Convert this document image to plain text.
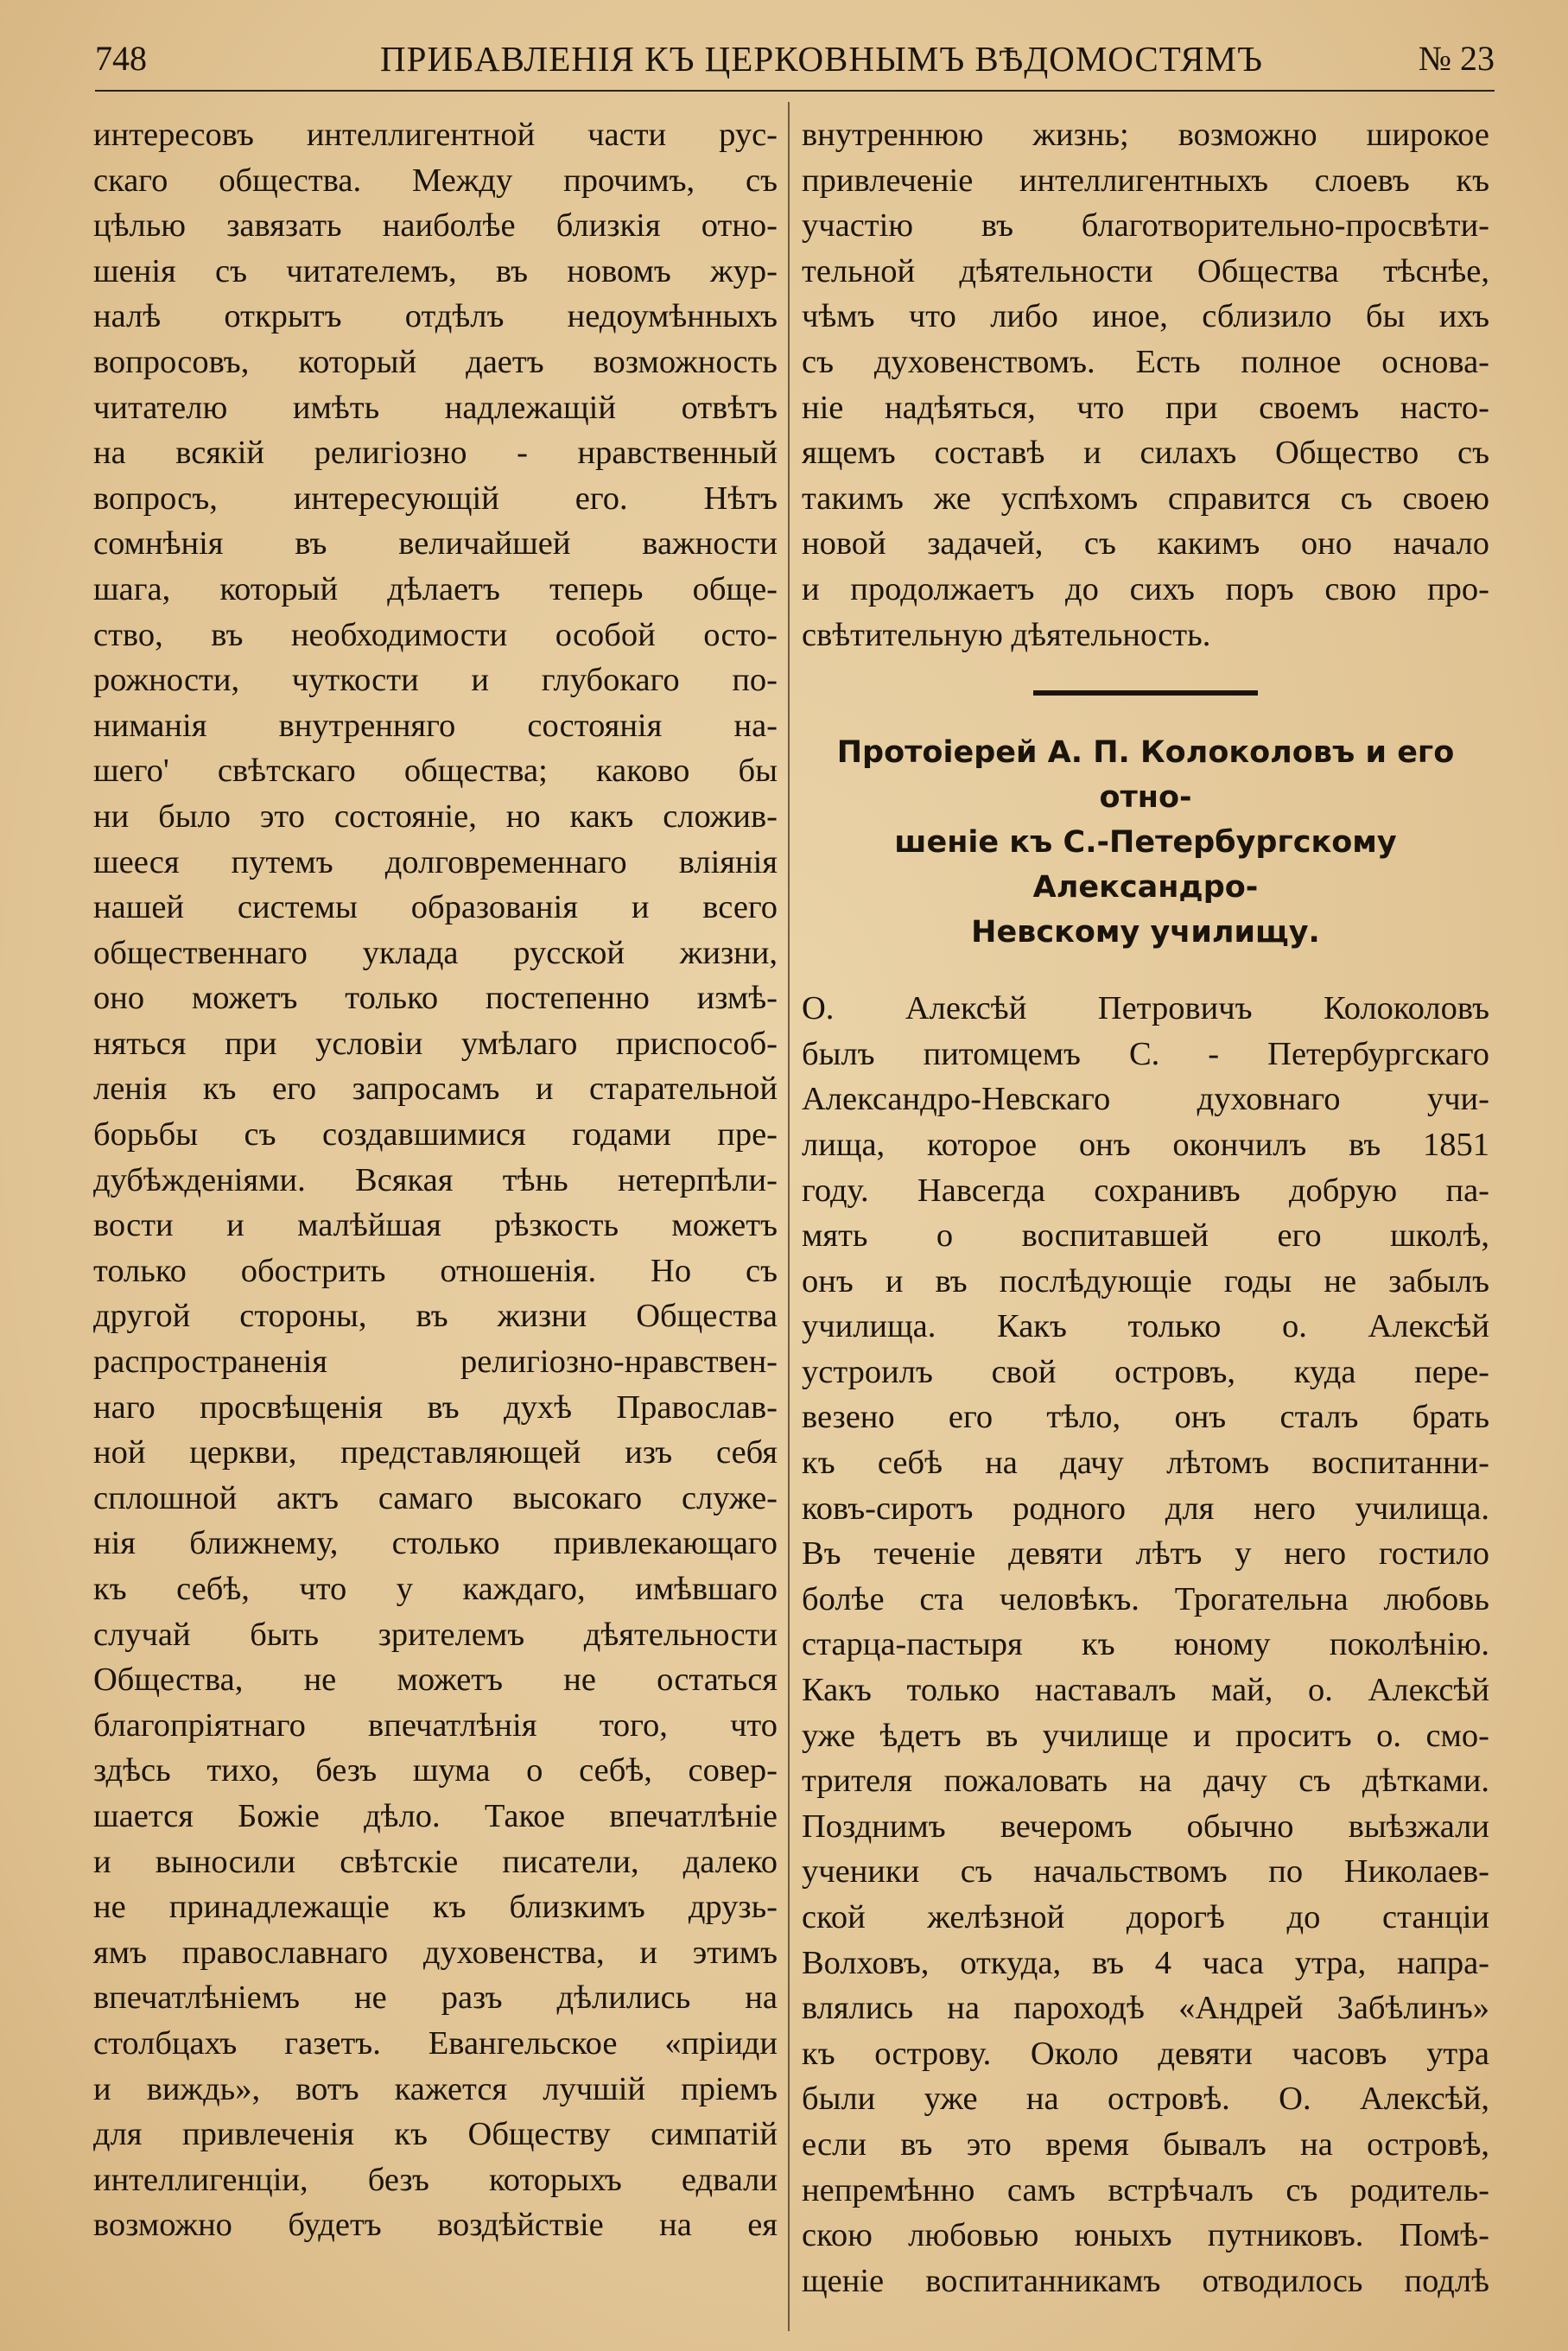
748	ПРИБАВЛЕНІЯ КЪ ЦЕРКОВНЫМЪ ВѢДОМОСТЯМЪ	№ 23
интересовъ интеллигентной части рус-
скаго общества. Между прочимъ, съ
цѣлью завязать наиболѣе близкія отно-
шенія съ читателемъ, въ новомъ жур-
налѣ открытъ отдѣлъ недоумѣнныхъ
вопросовъ, который даетъ возможность
читателю имѣть надлежащій отвѣтъ
на всякій религіозно - нравственный
вопросъ, интересующій его. Нѣтъ
сомнѣнія въ величайшей важности
шага, который дѣлаетъ теперь обще-
ство, въ необходимости особой осто-
рожности, чуткости и глубокаго по-
ниманія внутренняго состоянія на-
шего' свѣтскаго общества; каково бы
ни было это состояніе, но какъ сложив-
шееся путемъ долговременнаго вліянія
нашей системы образованія и всего
общественнаго уклада русской жизни,
оно можетъ только постепенно измѣ-
няться при условіи умѣлаго приспособ-
ленія къ его запросамъ и старательной
борьбы съ создавшимися годами пре-
дубѣжденіями. Всякая тѣнь нетерпѣли-
вости и малѣйшая рѣзкость можетъ
только обострить отношенія. Но съ
другой стороны, въ жизни Общества
распространенія религіозно-нравствен-
наго просвѣщенія въ духѣ Православ-
ной церкви, представляющей изъ себя
сплошной актъ самаго высокаго служе-
нія ближнему, столько привлекающаго
къ себѣ, что у каждаго, имѣвшаго
случай быть зрителемъ дѣятельности
Общества, не можетъ не остаться
благопріятнаго впечатлѣнія того, что
здѣсь тихо, безъ шума о себѣ, совер-
шается Божіе дѣло. Такое впечатлѣніе
и выносили свѣтскіе писатели, далеко
не принадлежащіе къ близкимъ друзь-
ямъ православнаго духовенства, и этимъ
впечатлѣніемъ не разъ дѣлились на
столбцахъ газетъ. Евангельское «пріиди
и виждь», вотъ кажется лучшій пріемъ
для привлеченія къ Обществу симпатій
интеллигенціи, безъ которыхъ едвали
возможно будетъ воздѣйствіе на ея
внутреннюю жизнь; возможно широкое
привлеченіе интеллигентныхъ слоевъ къ
участію въ благотворительно-просвѣти-
тельной дѣятельности Общества тѣснѣе,
чѣмъ что либо иное, сблизило бы ихъ
съ духовенствомъ. Есть полное основа-
ніе надѣяться, что при своемъ насто-
ящемъ составѣ и силахъ Общество съ
такимъ же успѣхомъ справится съ своею
новой задачей, съ какимъ оно начало
и продолжаетъ до сихъ поръ свою про-
свѣтительную дѣятельность.
Протоіерей А. П. Колоколовъ и его отно-
шеніе къ С.-Петербургскому Александро-
Невскому училищу.
О. Алексѣй Петровичъ Колоколовъ
былъ питомцемъ С. - Петербургскаго
Александро-Невскаго духовнаго учи-
лища, которое онъ окончилъ въ 1851
году. Навсегда сохранивъ добрую па-
мять о воспитавшей его школѣ,
онъ и въ послѣдующіе годы не забылъ
училища. Какъ только о. Алексѣй
устроилъ свой островъ, куда пере-
везено его тѣло, онъ сталъ брать
къ себѣ на дачу лѣтомъ воспитанни-
ковъ-сиротъ родного для него училища.
Въ теченіе девяти лѣтъ у него гостило
болѣе ста человѣкъ. Трогательна любовь
старца-пастыря къ юному поколѣнію.
Какъ только наставалъ май, о. Алексѣй
уже ѣдетъ въ училище и проситъ о. смо-
трителя пожаловать на дачу съ дѣтками.
Позднимъ вечеромъ обычно выѣзжали
ученики съ начальствомъ по Николаев-
ской желѣзной дорогѣ до станціи
Волховъ, откуда, въ 4 часа утра, напра-
влялись на пароходѣ «Андрей Забѣлинъ»
къ острову. Около девяти часовъ утра
были уже на островѣ. О. Алексѣй,
если въ это время бывалъ на островѣ,
непремѣнно самъ встрѣчалъ съ родитель-
скою любовью юныхъ путниковъ. Помѣ-
щеніе воспитанникамъ отводилось подлѣ
